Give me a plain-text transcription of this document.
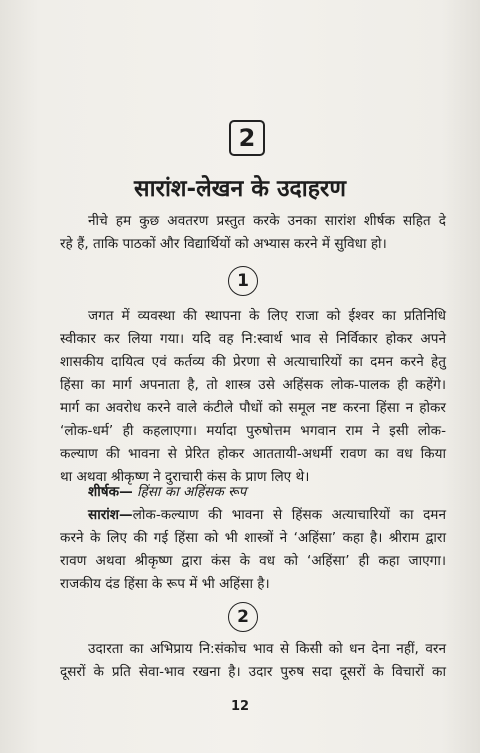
2
सारांश-लेखन के उदाहरण
नीचे हम कुछ अवतरण प्रस्तुत करके उनका सारांश शीर्षक सहित दे
रहे हैं, ताकि पाठकों और विद्यार्थियों को अभ्यास करने में सुविधा हो।
1
जगत में व्यवस्था की स्थापना के लिए राजा को ईश्वर का प्रतिनिधि
स्वीकार कर लिया गया। यदि वह नि:स्वार्थ भाव से निर्विकार होकर अपने
शासकीय दायित्व एवं कर्तव्य की प्रेरणा से अत्याचारियों का दमन करने हेतु
हिंसा का मार्ग अपनाता है, तो शास्त्र उसे अहिंसक लोक-पालक ही कहेंगे।
मार्ग का अवरोध करने वाले कंटीले पौधों को समूल नष्ट करना हिंसा न होकर
‘लोक-धर्म’ ही कहलाएगा। मर्यादा पुरुषोत्तम भगवान राम ने इसी लोक-
कल्याण की भावना से प्रेरित होकर आततायी-अधर्मी रावण का वध किया
था अथवा श्रीकृष्ण ने दुराचारी कंस के प्राण लिए थे।
शीर्षक— हिंसा का अहिंसक रूप
सारांश—लोक-कल्याण की भावना से हिंसक अत्याचारियों का दमन
करने के लिए की गई हिंसा को भी शास्त्रों ने ‘अहिंसा’ कहा है। श्रीराम द्वारा
रावण अथवा श्रीकृष्ण द्वारा कंस के वध को ‘अहिंसा’ ही कहा जाएगा।
राजकीय दंड हिंसा के रूप में भी अहिंसा है।
2
उदारता का अभिप्राय नि:संकोच भाव से किसी को धन देना नहीं, वरन
दूसरों के प्रति सेवा-भाव रखना है। उदार पुरुष सदा दूसरों के विचारों का
12
